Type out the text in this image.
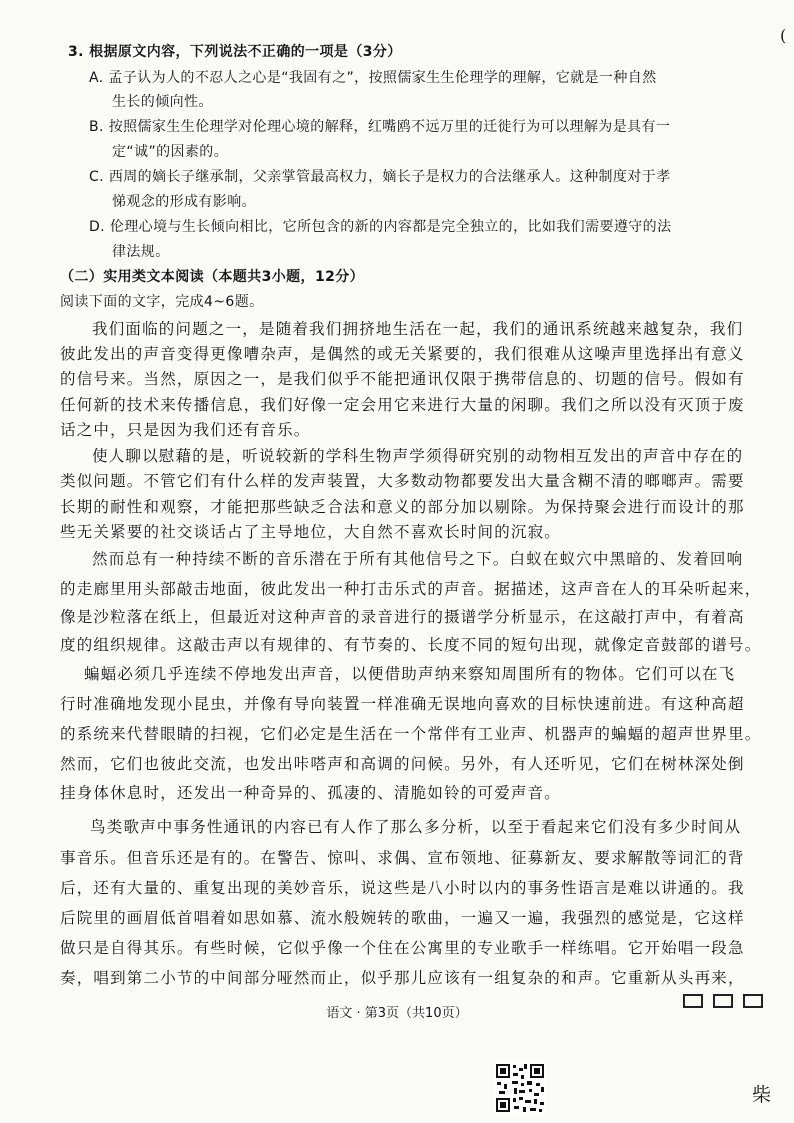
(
3. 根据原文内容，下列说法不正确的一项是（3分）
A. 孟子认为人的不忍人之心是“我固有之”，按照儒家生生伦理学的理解，它就是一种自然
生长的倾向性。
B. 按照儒家生生伦理学对伦理心境的解释，红嘴鸥不远万里的迁徙行为可以理解为是具有一
定“诚”的因素的。
C. 西周的嫡长子继承制，父亲掌管最高权力，嫡长子是权力的合法继承人。这种制度对于孝
悌观念的形成有影响。
D. 伦理心境与生长倾向相比，它所包含的新的内容都是完全独立的，比如我们需要遵守的法
律法规。
（二）实用类文本阅读（本题共3小题，12分）
阅读下面的文字，完成4~6题。
我们面临的问题之一，是随着我们拥挤地生活在一起，我们的通讯系统越来越复杂，我们
彼此发出的声音变得更像嘈杂声，是偶然的或无关紧要的，我们很难从这噪声里选择出有意义
的信号来。当然，原因之一，是我们似乎不能把通讯仅限于携带信息的、切题的信号。假如有
任何新的技术来传播信息，我们好像一定会用它来进行大量的闲聊。我们之所以没有灭顶于废
话之中，只是因为我们还有音乐。
使人聊以慰藉的是，听说较新的学科生物声学须得研究别的动物相互发出的声音中存在的
类似问题。不管它们有什么样的发声装置，大多数动物都要发出大量含糊不清的啷啷声。需要
长期的耐性和观察，才能把那些缺乏合法和意义的部分加以剔除。为保持聚会进行而设计的那
些无关紧要的社交谈话占了主导地位，大自然不喜欢长时间的沉寂。
然而总有一种持续不断的音乐潜在于所有其他信号之下。白蚁在蚁穴中黑暗的、发着回响
的走廊里用头部敲击地面，彼此发出一种打击乐式的声音。据描述，这声音在人的耳朵听起来，
像是沙粒落在纸上，但最近对这种声音的录音进行的摄谱学分析显示，在这敲打声中，有着高
度的组织规律。这敲击声以有规律的、有节奏的、长度不同的短句出现，就像定音鼓部的谱号。
蝙蝠必须几乎连续不停地发出声音，以便借助声纳来察知周围所有的物体。它们可以在飞
行时准确地发现小昆虫，并像有导向装置一样准确无误地向喜欢的目标快速前进。有这种高超
的系统来代替眼睛的扫视，它们必定是生活在一个常伴有工业声、机器声的蝙蝠的超声世界里。
然而，它们也彼此交流，也发出咔嗒声和高调的问候。另外，有人还听见，它们在树林深处倒
挂身体休息时，还发出一种奇异的、孤凄的、清脆如铃的可爱声音。
鸟类歌声中事务性通讯的内容已有人作了那么多分析，以至于看起来它们没有多少时间从
事音乐。但音乐还是有的。在警告、惊叫、求偶、宣布领地、征募新友、要求解散等词汇的背
后，还有大量的、重复出现的美妙音乐，说这些是八小时以内的事务性语言是难以讲通的。我
后院里的画眉低首唱着如思如慕、流水般婉转的歌曲，一遍又一遍，我强烈的感觉是，它这样
做只是自得其乐。有些时候，它似乎像一个住在公寓里的专业歌手一样练唱。它开始唱一段急
奏，唱到第二小节的中间部分哑然而止，似乎那儿应该有一组复杂的和声。它重新从头再来，
语文 · 第3页（共10页）
柴
